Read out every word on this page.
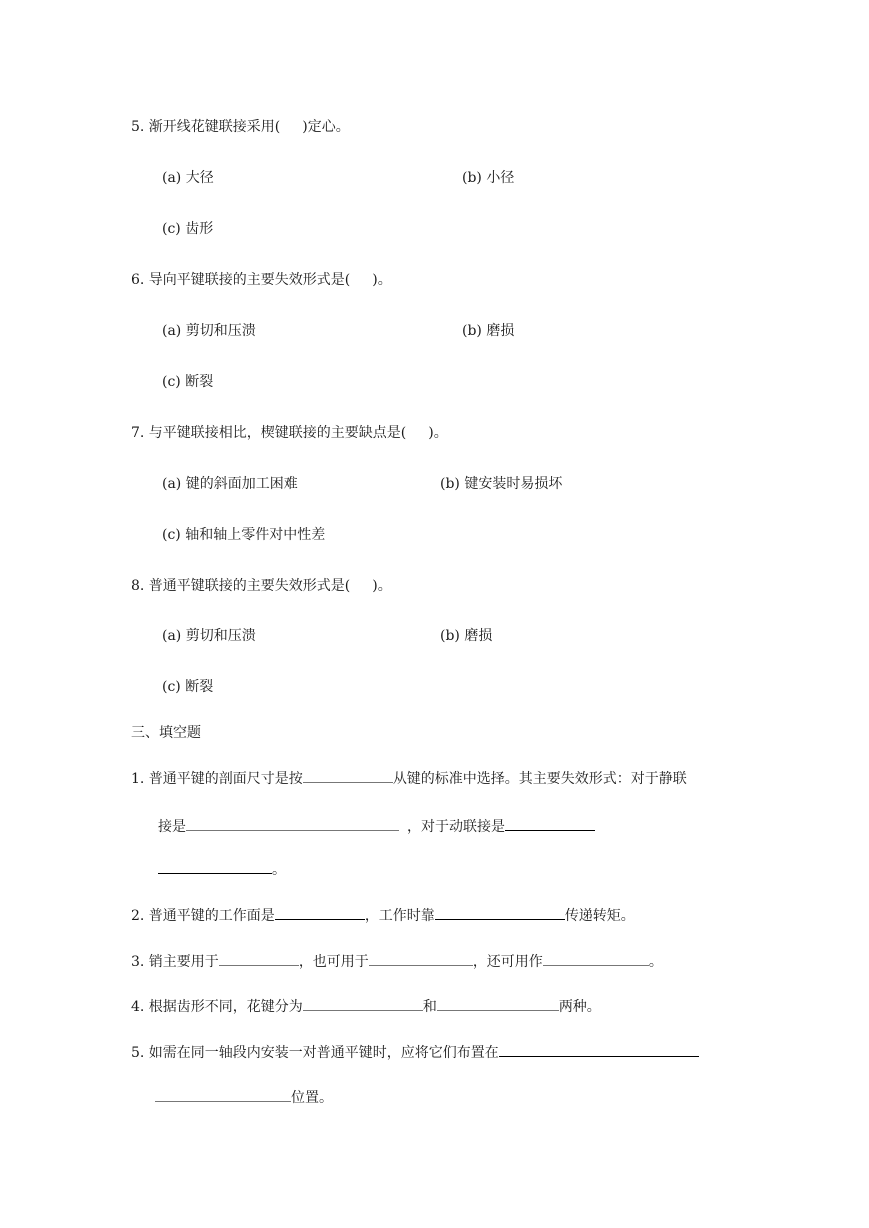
5. 渐开线花键联接采用( )定心。
(a) 大径	(b) 小径
(c) 齿形
6. 导向平键联接的主要失效形式是( )。
(a) 剪切和压溃	(b) 磨损
(c) 断裂
7. 与平键联接相比，楔键联接的主要缺点是( )。
(a) 键的斜面加工困难	(b) 键安装时易损坏
(c) 轴和轴上零件对中性差
8. 普通平键联接的主要失效形式是( )。
(a) 剪切和压溃	(b) 磨损
(c) 断裂
三、填空题
1. 普通平键的剖面尺寸是按	从键的标准中选择。其主要失效形式：对于静联
接是	，对于动联接是
。
2. 普通平键的工作面是	，工作时靠	传递转矩。
3. 销主要用于	，也可用于	，还可用作	。
4. 根据齿形不同，花键分为	和	两种。
5. 如需在同一轴段内安装一对普通平键时，应将它们布置在
位置。
